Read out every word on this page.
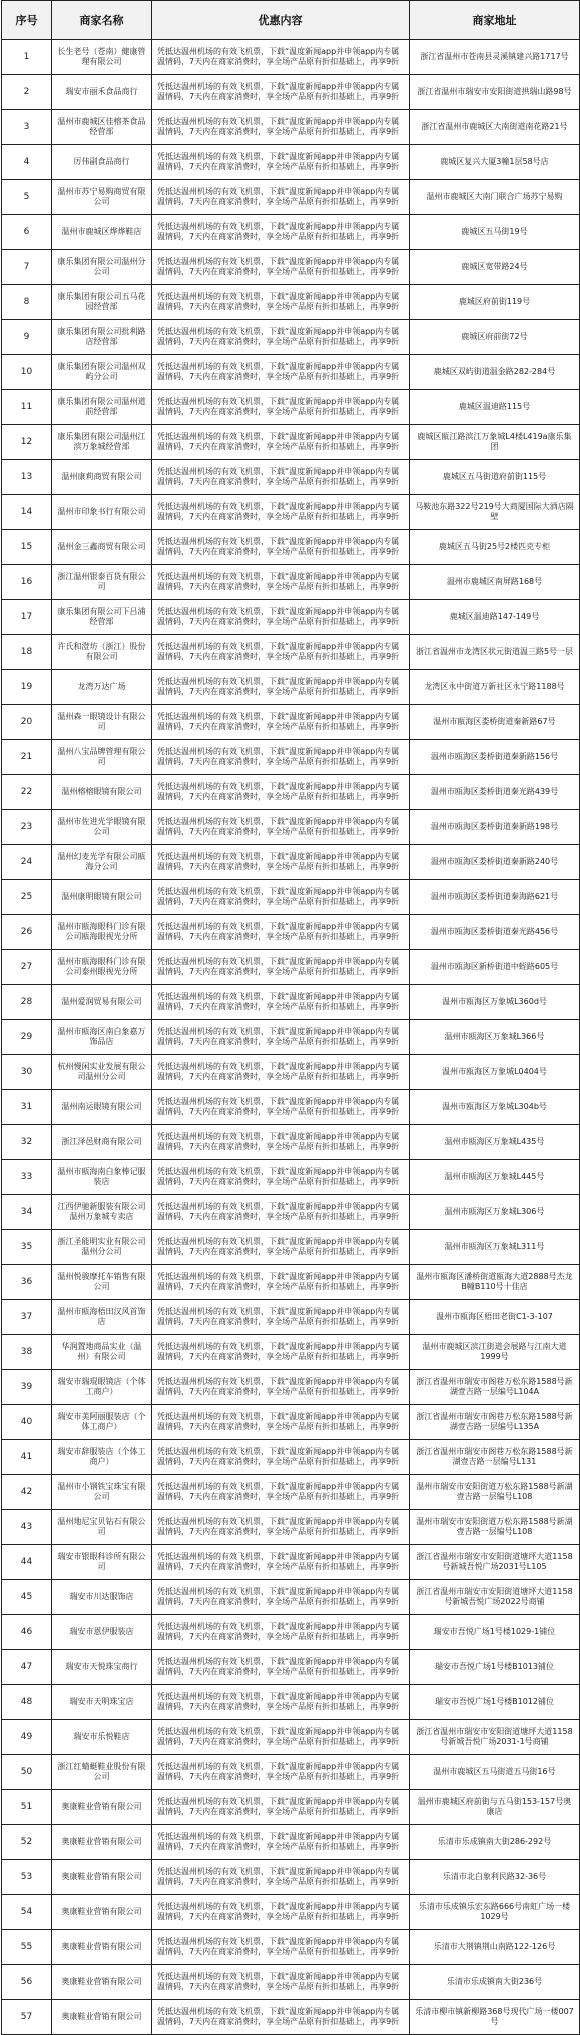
序号	商家名称	优惠内容	商家地址
1	长生老号（苍南）健康管理有限公司	凭抵达温州机场的有效飞机票，下载“温度新闻app并申领app内专属温情码，7天内在商家消费时，享全场产品原有折扣基础上，再享9折	浙江省温州市苍南县灵溪镇建兴路1717号
2	瑞安市丽禾食品商行	凭抵达温州机场的有效飞机票，下载“温度新闻app并申领app内专属温情码，7天内在商家消费时，享全场产品原有折扣基础上，再享9折	浙江省温州市瑞安市安阳街道拱瑞山路98号
3	温州市鹿城区佳榕茶食品经营部	凭抵达温州机场的有效飞机票，下载“温度新闻app并申领app内专属温情码，7天内在商家消费时，享全场产品原有折扣基础上，再享9折	浙江省温州市鹿城区大南街道南花路21号
4	厉伟副食品商行	凭抵达温州机场的有效飞机票，下载“温度新闻app并申领app内专属温情码，7天内在商家消费时，享全场产品原有折扣基础上，再享9折	鹿城区复兴大厦3幢1层58号店
5	温州市苏宁易购商贸有限公司	凭抵达温州机场的有效飞机票，下载“温度新闻app并申领app内专属温情码，7天内在商家消费时，享全场产品原有折扣基础上，再享9折	温州市鹿城区大南门联合广场苏宁易购
6	温州市鹿城区烨烨鞋店	凭抵达温州机场的有效飞机票，下载“温度新闻app并申领app内专属温情码，7天内在商家消费时，享全场产品原有折扣基础上，再享9折	鹿城区五马街19号
7	康乐集团有限公司温州分公司	凭抵达温州机场的有效飞机票，下载“温度新闻app并申领app内专属温情码，7天内在商家消费时，享全场产品原有折扣基础上，再享9折	鹿城区宽带路24号
8	康乐集团有限公司五马花园经营部	凭抵达温州机场的有效飞机票，下载“温度新闻app并申领app内专属温情码，7天内在商家消费时，享全场产品原有折扣基础上，再享9折	鹿城区府前街119号
9	康乐集团有限公司批利路店经营部	凭抵达温州机场的有效飞机票，下载“温度新闻app并申领app内专属温情码，7天内在商家消费时，享全场产品原有折扣基础上，再享9折	鹿城区府前街72号
10	康乐集团有限公司温州双屿分公司	凭抵达温州机场的有效飞机票，下载“温度新闻app并申领app内专属温情码，7天内在商家消费时，享全场产品原有折扣基础上，再享9折	鹿城区双屿街道温金路282-284号
11	康乐集团有限公司温州道前经营部	凭抵达温州机场的有效飞机票，下载“温度新闻app并申领app内专属温情码，7天内在商家消费时，享全场产品原有折扣基础上，再享9折	鹿城区温迪路115号
12	康乐集团有限公司温州江滨万象城经营部	凭抵达温州机场的有效飞机票，下载“温度新闻app并申领app内专属温情码，7天内在商家消费时，享全场产品原有折扣基础上，再享9折	鹿城区瓯江路滨江万象城L4楼L419a康乐集团
13	温州康莉商贸有限公司	凭抵达温州机场的有效飞机票，下载“温度新闻app并申领app内专属温情码，7天内在商家消费时，享全场产品原有折扣基础上，再享9折	鹿城区五马街道府前街115号
14	温州市印象书行有限公司	凭抵达温州机场的有效飞机票，下载“温度新闻app并申领app内专属温情码，7天内在商家消费时，享全场产品原有折扣基础上，再享9折	马鞍池东路322号219号大商厦国际大酒店隔壁
15	温州金三鑫商贸有限公司	凭抵达温州机场的有效飞机票，下载“温度新闻app并申领app内专属温情码，7天内在商家消费时，享全场产品原有折扣基础上，再享9折	鹿城区五马街25号2楼匹克专柜
16	浙江温州银泰百货有限公司	凭抵达温州机场的有效飞机票，下载“温度新闻app并申领app内专属温情码，7天内在商家消费时，享全场产品原有折扣基础上，再享9折	温州市鹿城区南屏路168号
17	康乐集团有限公司下吕浦经营部	凭抵达温州机场的有效飞机票，下载“温度新闻app并申领app内专属温情码，7天内在商家消费时，享全场产品原有折扣基础上，再享9折	鹿城区温迪路147-149号
18	许氏和澄坊（浙江）股份有限公司	凭抵达温州机场的有效飞机票，下载“温度新闻app并申领app内专属温情码，7天内在商家消费时，享全场产品原有折扣基础上，再享9折	浙江省温州市龙湾区状元街道温三路5号一层
19	龙湾万达广场	凭抵达温州机场的有效飞机票，下载“温度新闻app并申领app内专属温情码，7天内在商家消费时，享全场产品原有折扣基础上，再享9折	龙湾区永中街道万新社区永宁路1188号
20	温州森一眼镜设计有限公司	凭抵达温州机场的有效飞机票，下载“温度新闻app并申领app内专属温情码，7天内在商家消费时，享全场产品原有折扣基础上，再享9折	温州市瓯海区娄桥街道秦新路67号
21	温州八宝品牌管理有限公司	凭抵达温州机场的有效飞机票，下载“温度新闻app并申领app内专属温情码，7天内在商家消费时，享全场产品原有折扣基础上，再享9折	温州市瓯海区娄桥街道秦新路156号
22	温州榕榕眼镜有限公司	凭抵达温州机场的有效飞机票，下载“温度新闻app并申领app内专属温情码，7天内在商家消费时，享全场产品原有折扣基础上，再享9折	温州市瓯海区娄桥街道秦光路439号
23	温州市佐进光学眼镜有限公司	凭抵达温州机场的有效飞机票，下载“温度新闻app并申领app内专属温情码，7天内在商家消费时，享全场产品原有折扣基础上，再享9折	温州市瓯海区娄桥街道秦新路198号
24	温州幻麦光学有限公司瓯海分公司	凭抵达温州机场的有效飞机票，下载“温度新闻app并申领app内专属温情码，7天内在商家消费时，享全场产品原有折扣基础上，再享9折	温州市瓯海区娄桥街道秦新路240号
25	温州康明眼镜有限公司	凭抵达温州机场的有效飞机票，下载“温度新闻app并申领app内专属温情码，7天内在商家消费时，享全场产品原有折扣基础上，再享9折	温州市瓯海区娄桥街道秦海路621号
26	温州市瓯海眼科门诊有限公司瓯海眼视光分所	凭抵达温州机场的有效飞机票，下载“温度新闻app并申领app内专属温情码，7天内在商家消费时，享全场产品原有折扣基础上，再享9折	温州市瓯海区娄桥街道秦光路456号
27	温州市瓯海眼科门诊有限公司泰州眼视光分所	凭抵达温州机场的有效飞机票，下载“温度新闻app并申领app内专属温情码，7天内在商家消费时，享全场产品原有折扣基础上，再享9折	温州市瓯海区新桥街道中蛭路605号
28	温州爱润贸易有限公司	凭抵达温州机场的有效飞机票，下载“温度新闻app并申领app内专属温情码，7天内在商家消费时，享全场产品原有折扣基础上，再享9折	温州市瓯海区万象城L360d号
29	温州市瓯海区南白象嘉万饰品店	凭抵达温州机场的有效飞机票，下载“温度新闻app并申领app内专属温情码，7天内在商家消费时，享全场产品原有折扣基础上，再享9折	温州市瓯海区万象城L366号
30	杭州慢闲实业发展有限公司温州分公司	凭抵达温州机场的有效飞机票，下载“温度新闻app并申领app内专属温情码，7天内在商家消费时，享全场产品原有折扣基础上，再享9折	温州市瓯海区万象城L0404号
31	温州南运眼镜有限公司	凭抵达温州机场的有效飞机票，下载“温度新闻app并申领app内专属温情码，7天内在商家消费时，享全场产品原有折扣基础上，再享9折	温州市瓯海区万象城L304b号
32	浙江泽邑财商有限公司	凭抵达温州机场的有效飞机票，下载“温度新闻app并申领app内专属温情码，7天内在商家消费时，享全场产品原有折扣基础上，再享9折	温州市瓯海区万象城L435号
33	温州市瓯海南白象棒记服装店	凭抵达温州机场的有效飞机票，下载“温度新闻app并申领app内专属温情码，7天内在商家消费时，享全场产品原有折扣基础上，再享9折	温州市瓯海区万象城L445号
34	江西伊驰新服装有限公司温州万象城专卖店	凭抵达温州机场的有效飞机票，下载“温度新闻app并申领app内专属温情码，7天内在商家消费时，享全场产品原有折扣基础上，再享9折	温州市瓯海区万象城L306号
35	浙江圣能明实业有限公司温州分公司	凭抵达温州机场的有效飞机票，下载“温度新闻app并申领app内专属温情码，7天内在商家消费时，享全场产品原有折扣基础上，再享9折	温州市瓯海区万象城L311号
36	温州悦骏摩托车销售有限公司	凭抵达温州机场的有效飞机票，下载“温度新闻app并申领app内专属温情码，7天内在商家消费时，享全场产品原有折扣基础上，再享9折	温州市瓯海区潘桥街道瓯海大道2888号杰龙B幢B110号十佳店
37	温州市瓯海梧田汉风首饰店	凭抵达温州机场的有效飞机票，下载“温度新闻app并申领app内专属温情码，7天内在商家消费时，享全场产品原有折扣基础上，再享9折	温州市瓯海区梧田老街C1-3-107
38	华润置地商品实业（温州）有限公司	凭抵达温州机场的有效飞机票，下载“温度新闻app并申领app内专属温情码，7天内在商家消费时，享全场产品原有折扣基础上，再享9折	温州市鹿城区滨江街道会展路与江南大道1999号
39	瑞安市瑞琨眼镜店（个体工商户）	凭抵达温州机场的有效飞机票，下载“温度新闻app并申领app内专属温情码，7天内在商家消费时，享全场产品原有折扣基础上，再享9折	浙江省温州市瑞安市阁巷万松东路1588号新湖壹吉路一层编号L104A
40	瑞安市美阿丽服装店（个体工商户）	凭抵达温州机场的有效飞机票，下载“温度新闻app并申领app内专属温情码，7天内在商家消费时，享全场产品原有折扣基础上，再享9折	浙江省温州市瑞安市阁巷万松东路1588号新湖壹吉路一层编号L135A
41	瑞安市辞服装店（个体工商户）	凭抵达温州机场的有效飞机票，下载“温度新闻app并申领app内专属温情码，7天内在商家消费时，享全场产品原有折扣基础上，再享9折	浙江省温州市瑞安市阁巷万松东路1588号新湖壹吉路一层编号L131
42	温州市小钢铁宝珠宝有限公司	凭抵达温州机场的有效飞机票，下载“温度新闻app并申领app内专属温情码，7天内在商家消费时，享全场产品原有折扣基础上，再享9折	温州市瑞安市安阳街道万松东路1588号新湖壹吉路一层编号L108
43	温州地尼宝贝钻石有限公司	凭抵达温州机场的有效飞机票，下载“温度新闻app并申领app内专属温情码，7天内在商家消费时，享全场产品原有折扣基础上，再享9折	温州市瑞安市安阳街道万松东路1588号新湖壹吉路一层编号L108
44	瑞安市银眼科诊所有限公司	凭抵达温州机场的有效飞机票，下载“温度新闻app并申领app内专属温情码，7天内在商家消费时，享全场产品原有折扣基础上，再享9折	浙江省温州市瑞安市安阳街道塘坪大道1158号新城吾悦广场2031号L105
45	瑞安市川达服饰店	凭抵达温州机场的有效飞机票，下载“温度新闻app并申领app内专属温情码，7天内在商家消费时，享全场产品原有折扣基础上，再享9折	浙江省温州市瑞安市安阳街道塘坪大道1158号新城吾悦广场2022号商铺
46	瑞安市恩伊服装店	凭抵达温州机场的有效飞机票，下载“温度新闻app并申领app内专属温情码，7天内在商家消费时，享全场产品原有折扣基础上，再享9折	瑞安市吾悦广场1号楼1029-1铺位
47	瑞安市天悦珠宝商行	凭抵达温州机场的有效飞机票，下载“温度新闻app并申领app内专属温情码，7天内在商家消费时，享全场产品原有折扣基础上，再享9折	瑞安市吾悦广场1号楼B1013铺位
48	瑞安市天明珠宝店	凭抵达温州机场的有效飞机票，下载“温度新闻app并申领app内专属温情码，7天内在商家消费时，享全场产品原有折扣基础上，再享9折	瑞安市吾悦广场1号楼B1012铺位
49	瑞安市乐悦鞋店	凭抵达温州机场的有效飞机票，下载“温度新闻app并申领app内专属温情码，7天内在商家消费时，享全场产品原有折扣基础上，再享9折	浙江省温州市瑞安市安阳街道塘坪大道1158号新城吾悦广场2031-1号商铺
50	浙江红蜻蜓鞋业股份有限公司	凭抵达温州机场的有效飞机票，下载“温度新闻app并申领app内专属温情码，7天内在商家消费时，享全场产品原有折扣基础上，再享9折	温州市鹿城区五马街道五马街16号
51	奥康鞋业营销有限公司	凭抵达温州机场的有效飞机票，下载“温度新闻app并申领app内专属温情码，7天内在商家消费时，享全场产品原有折扣基础上，再享9折	温州市鹿城区府前街与五马街153-157号奥康店
52	奥康鞋业营销有限公司	凭抵达温州机场的有效飞机票，下载“温度新闻app并申领app内专属温情码，7天内在商家消费时，享全场产品原有折扣基础上，再享9折	乐清市乐成镇南大街286-292号
53	奥康鞋业营销有限公司	凭抵达温州机场的有效飞机票，下载“温度新闻app并申领app内专属温情码，7天内在商家消费时，享全场产品原有折扣基础上，再享9折	乐清市北白象利民路32-36号
54	奥康鞋业营销有限公司	凭抵达温州机场的有效飞机票，下载“温度新闻app并申领app内专属温情码，7天内在商家消费时，享全场产品原有折扣基础上，再享9折	乐清市乐成镇乐宏东路666号南虹广场一楼1029号
55	奥康鞋业营销有限公司	凭抵达温州机场的有效飞机票，下载“温度新闻app并申领app内专属温情码，7天内在商家消费时，享全场产品原有折扣基础上，再享9折	乐清市大荆镇荆山南路122-126号
56	奥康鞋业营销有限公司	凭抵达温州机场的有效飞机票，下载“温度新闻app并申领app内专属温情码，7天内在商家消费时，享全场产品原有折扣基础上，再享9折	乐清市乐成镇南大街236号
57	奥康鞋业营销有限公司	凭抵达温州机场的有效飞机票，下载“温度新闻app并申领app内专属温情码，7天内在商家消费时，享全场产品原有折扣基础上，再享9折	乐清市柳市镇新柳路368号现代广场一楼007号
